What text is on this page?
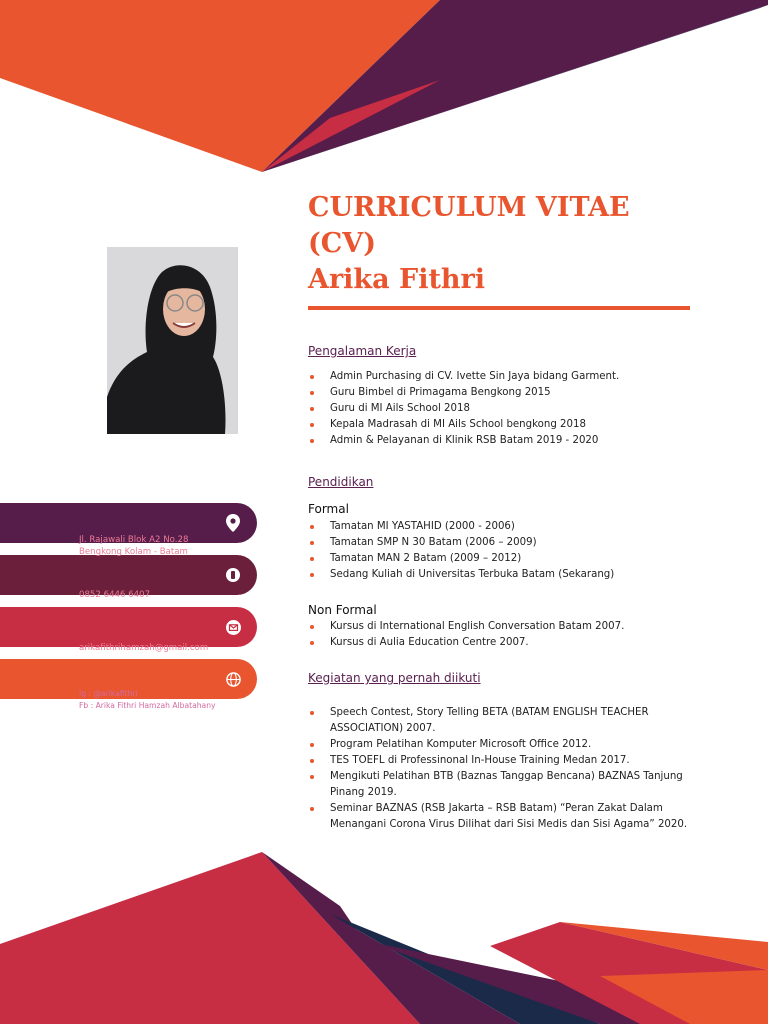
CURRICULUM VITAE
(CV)
Arika Fithri
Pengalaman Kerja
Admin Purchasing di CV. Ivette Sin Jaya bidang Garment.
Guru Bimbel di Primagama Bengkong 2015
Guru di MI Ails School 2018
Kepala Madrasah di MI Ails School bengkong 2018
Admin & Pelayanan di Klinik RSB Batam 2019 - 2020
Pendidikan
Formal
Tamatan MI YASTAHID (2000 - 2006)
Tamatan SMP N 30 Batam (2006 – 2009)
Tamatan MAN 2 Batam (2009 – 2012)
Sedang Kuliah di Universitas Terbuka Batam (Sekarang)
Non Formal
Kursus di International English Conversation Batam 2007.
Kursus di Aulia Education Centre 2007.
Kegiatan yang pernah diikuti
Speech Contest, Story Telling BETA (BATAM ENGLISH TEACHER ASSOCIATION) 2007.
Program Pelatihan Komputer Microsoft Office 2012.
TES TOEFL di Professinonal In-House Training Medan 2017.
Mengikuti Pelatihan BTB (Baznas Tanggap Bencana) BAZNAS Tanjung Pinang 2019.
Seminar BAZNAS (RSB Jakarta – RSB Batam) “Peran Zakat Dalam Menangani Corona Virus Dilihat dari Sisi Medis dan Sisi Agama” 2020.

Jl. Rajawali Blok A2 No.28
Bengkong Kolam - Batam

0852 6446 6407

arikafithrihamzah@gmail.com

Ig : @arikafithri

Fb : Arika Fithri Hamzah Albatahany
